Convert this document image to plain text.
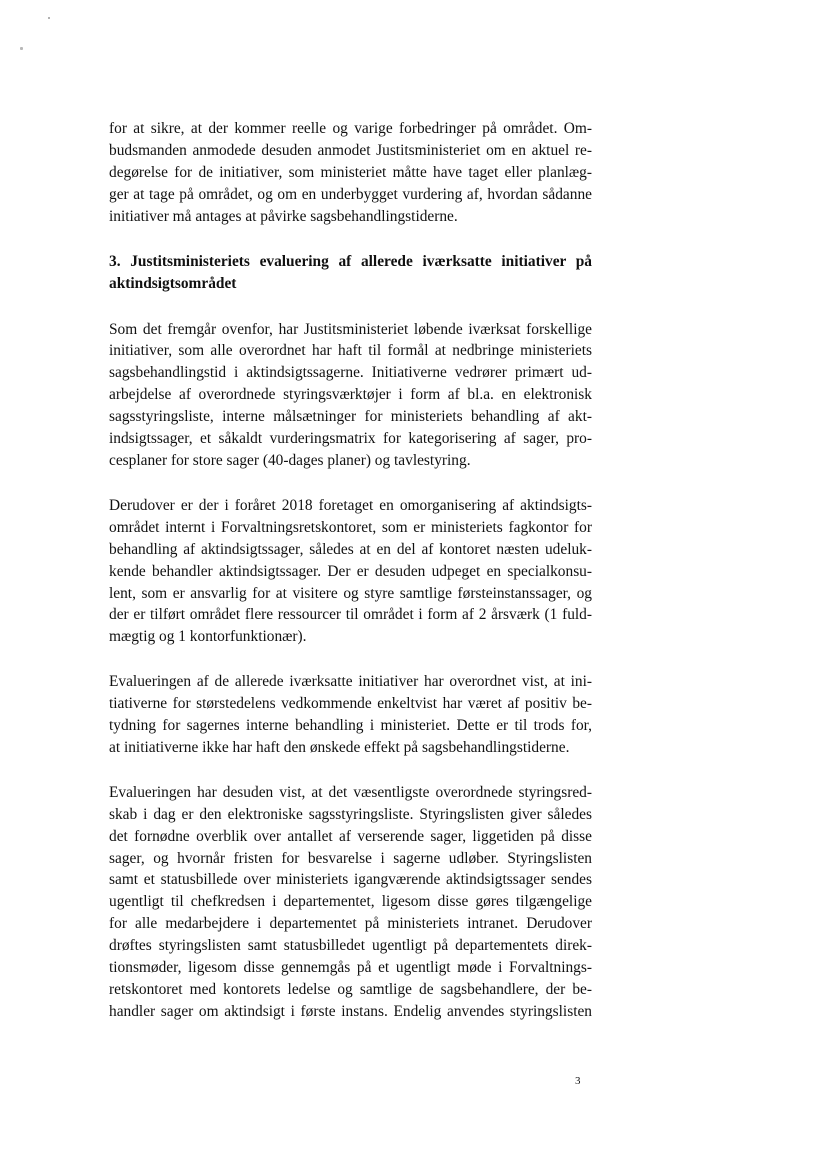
for at sikre, at der kommer reelle og varige forbedringer på området. Om-
budsmanden anmodede desuden anmodet Justitsministeriet om en aktuel re-
degørelse for de initiativer, som ministeriet måtte have taget eller planlæg-
ger at tage på området, og om en underbygget vurdering af, hvordan sådanne
initiativer må antages at påvirke sagsbehandlingstiderne.
3. Justitsministeriets evaluering af allerede iværksatte initiativer på
aktindsigtsområdet
Som det fremgår ovenfor, har Justitsministeriet løbende iværksat forskellige
initiativer, som alle overordnet har haft til formål at nedbringe ministeriets
sagsbehandlingstid i aktindsigtssagerne. Initiativerne vedrører primært ud-
arbejdelse af overordnede styringsværktøjer i form af bl.a. en elektronisk
sagsstyringsliste, interne målsætninger for ministeriets behandling af akt-
indsigtssager, et såkaldt vurderingsmatrix for kategorisering af sager, pro-
cesplaner for store sager (40-dages planer) og tavlestyring.
Derudover er der i foråret 2018 foretaget en omorganisering af aktindsigts-
området internt i Forvaltningsretskontoret, som er ministeriets fagkontor for
behandling af aktindsigtssager, således at en del af kontoret næsten udeluk-
kende behandler aktindsigtssager. Der er desuden udpeget en specialkonsu-
lent, som er ansvarlig for at visitere og styre samtlige førsteinstanssager, og
der er tilført området flere ressourcer til området i form af 2 årsværk (1 fuld-
mægtig og 1 kontorfunktionær).
Evalueringen af de allerede iværksatte initiativer har overordnet vist, at ini-
tiativerne for størstedelens vedkommende enkeltvist har været af positiv be-
tydning for sagernes interne behandling i ministeriet. Dette er til trods for,
at initiativerne ikke har haft den ønskede effekt på sagsbehandlingstiderne.
Evalueringen har desuden vist, at det væsentligste overordnede styringsred-
skab i dag er den elektroniske sagsstyringsliste. Styringslisten giver således
det fornødne overblik over antallet af verserende sager, liggetiden på disse
sager, og hvornår fristen for besvarelse i sagerne udløber. Styringslisten
samt et statusbillede over ministeriets igangværende aktindsigtssager sendes
ugentligt til chefkredsen i departementet, ligesom disse gøres tilgængelige
for alle medarbejdere i departementet på ministeriets intranet. Derudover
drøftes styringslisten samt statusbilledet ugentligt på departementets direk-
tionsmøder, ligesom disse gennemgås på et ugentligt møde i Forvaltnings-
retskontoret med kontorets ledelse og samtlige de sagsbehandlere, der be-
handler sager om aktindsigt i første instans. Endelig anvendes styringslisten
3
